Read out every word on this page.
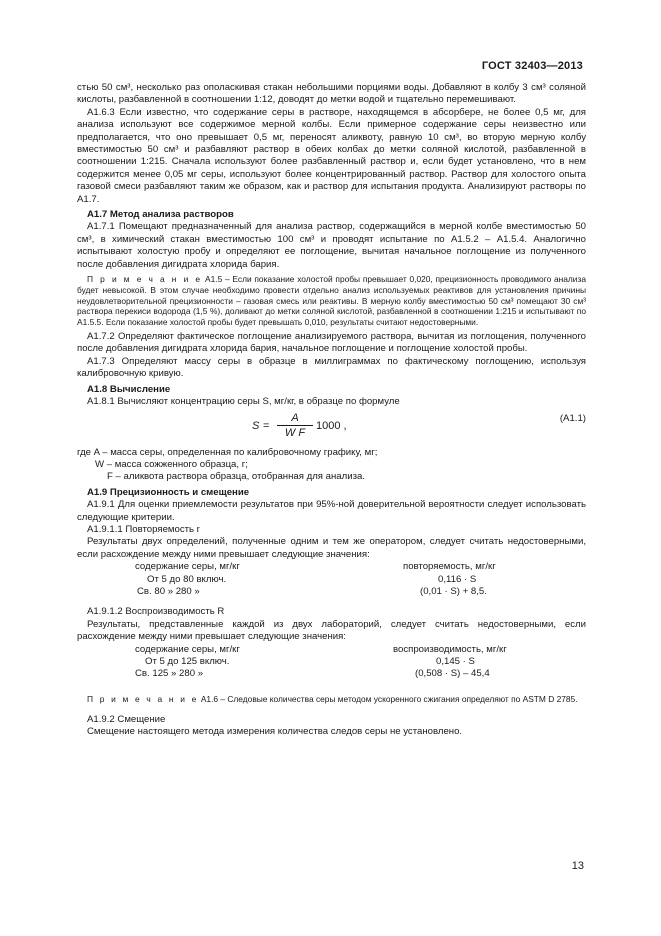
ГОСТ 32403—2013

стью 50 см³, несколько раз ополаскивая стакан небольшими порциями воды. Добавляют в колбу 3 см³ соляной кислоты, разбавленной в соотношении 1:12, доводят до метки водой и тщательно перемешивают.

А1.6.3 Если известно, что содержание серы в растворе, находящемся в абсорбере, не более 0,5 мг, для анализа используют все содержимое мерной колбы. Если примерное содержание серы неизвестно или предполагается, что оно превышает 0,5 мг, переносят аликвоту, равную 10 см³, во вторую мерную колбу вместимостью 50 см³ и разбавляют раствор в обеих колбах до метки соляной кислотой, разбавленной в соотношении 1:215. Сначала используют более разбавленный раствор и, если будет установлено, что в нем содержится менее 0,05 мг серы, используют более концентрированный раствор. Раствор для холостого опыта газовой смеси разбавляют таким же образом, как и раствор для испытания продукта. Анализируют растворы по А1.7.

А1.7 Метод анализа растворов

А1.7.1 Помещают предназначенный для анализа раствор, содержащийся в мерной колбе вместимостью 50 см³, в химический стакан вместимостью 100 см³ и проводят испытание по А1.5.2 – А1.5.4. Аналогично испытывают холостую пробу и определяют ее поглощение, вычитая начальное поглощение из полученного после добавления дигидрата хлорида бария.

П р и м е ч а н и е А1.5 – Если показание холостой пробы превышает 0,020, прецизионность проводимого анализа будет невысокой. В этом случае необходимо провести отдельно анализ используемых реактивов для установления причины неудовлетворительной прецизионности – газовая смесь или реактивы. В мерную колбу вместимостью 50 см³ помещают 30 см³ раствора перекиси водорода (1,5 %), доливают до метки соляной кислотой, разбавленной в соотношении 1:215 и испытывают по А1.5.5. Если показание холостой пробы будет превышать 0,010, результаты считают недостоверными.

А1.7.2 Определяют фактическое поглощение анализируемого раствора, вычитая из поглощения, полученного после добавления дигидрата хлорида бария, начальное поглощение и поглощение холостой пробы.

А1.7.3 Определяют массу серы в образце в миллиграммах по фактическому поглощению, используя калибровочную кривую.

А1.8 Вычисление

А1.8.1 Вычисляют концентрацию серы S, мг/кг, в образце по формуле

$S = \frac{A}{\text{W F}} 1000$ ,
(А1.1)

где A – масса серы, определенная по калибровочному графику, мг;

W – масса сожженного образца, г;

F – аликвота раствора образца, отобранная для анализа.

А1.9 Прецизионность и смещение

А1.9.1 Для оценки приемлемости результатов при 95%-ной доверительной вероятности следует использовать следующие критерии.

А1.9.1.1 Повторяемость r

Результаты двух определений, полученные одним и тем же оператором, следует считать недостоверными, если расхождение между ними превышает следующие значения:

содержание серы, мг/кг	повторяемость, мг/кг
От 5 до 80 включ.	0,116 · S
Св. 80 » 280 »	(0,01 · S) + 8,5.

А1.9.1.2 Воспроизводимость R

Результаты, представленные каждой из двух лабораторий, следует считать недостоверными, если расхождение между ними превышает следующие значения:

содержание серы, мг/кг	воспроизводимость, мг/кг
От 5 до 125 включ.	0,145 · S
Св. 125 » 280 »	(0,508 · S) – 45,4

П р и м е ч а н и е А1.6 – Следовые количества серы методом ускоренного сжигания определяют по ASTM D 2785.

А1.9.2 Смещение

Смещение настоящего метода измерения количества следов серы не установлено.

13
